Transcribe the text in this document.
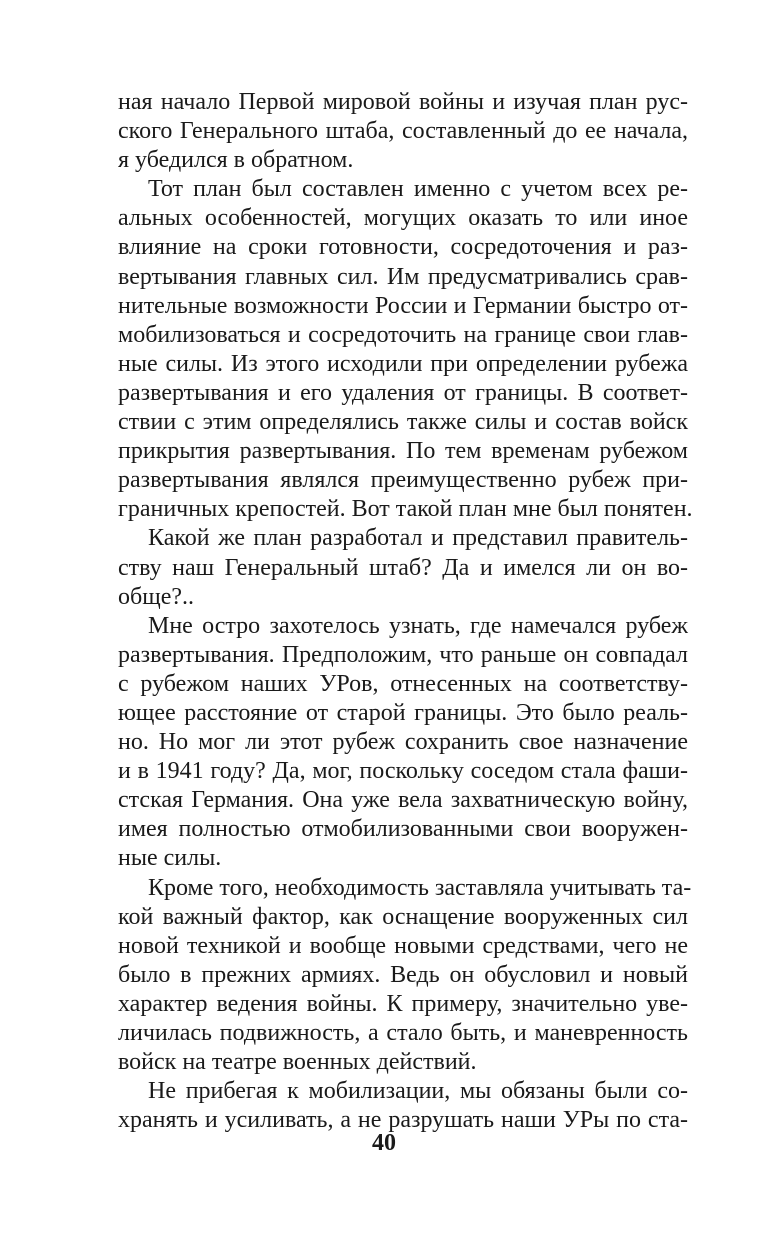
ная начало Первой мировой войны и изучая план рус-
ского Генерального штаба, составленный до ее начала,
я убедился в обратном.
Тот план был составлен именно с учетом всех ре-
альных особенностей, могущих оказать то или иное
влияние на сроки готовности, сосредоточения и раз-
вертывания главных сил. Им предусматривались срав-
нительные возможности России и Германии быстро от-
мобилизоваться и сосредоточить на границе свои глав-
ные силы. Из этого исходили при определении рубежа
развертывания и его удаления от границы. В соответ-
ствии с этим определялись также силы и состав войск
прикрытия развертывания. По тем временам рубежом
развертывания являлся преимущественно рубеж при-
граничных крепостей. Вот такой план мне был понятен.
Какой же план разработал и представил правитель-
ству наш Генеральный штаб? Да и имелся ли он во-
обще?..
Мне остро захотелось узнать, где намечался рубеж
развертывания. Предположим, что раньше он совпадал
с рубежом наших УРов, отнесенных на соответству-
ющее расстояние от старой границы. Это было реаль-
но. Но мог ли этот рубеж сохранить свое назначение
и в 1941 году? Да, мог, поскольку соседом стала фаши-
стская Германия. Она уже вела захватническую войну,
имея полностью отмобилизованными свои вооружен-
ные силы.
Кроме того, необходимость заставляла учитывать та-
кой важный фактор, как оснащение вооруженных сил
новой техникой и вообще новыми средствами, чего не
было в прежних армиях. Ведь он обусловил и новый
характер ведения войны. К примеру, значительно уве-
личилась подвижность, а стало быть, и маневренность
войск на театре военных действий.
Не прибегая к мобилизации, мы обязаны были со-
хранять и усиливать, а не разрушать наши УРы по ста-
40
